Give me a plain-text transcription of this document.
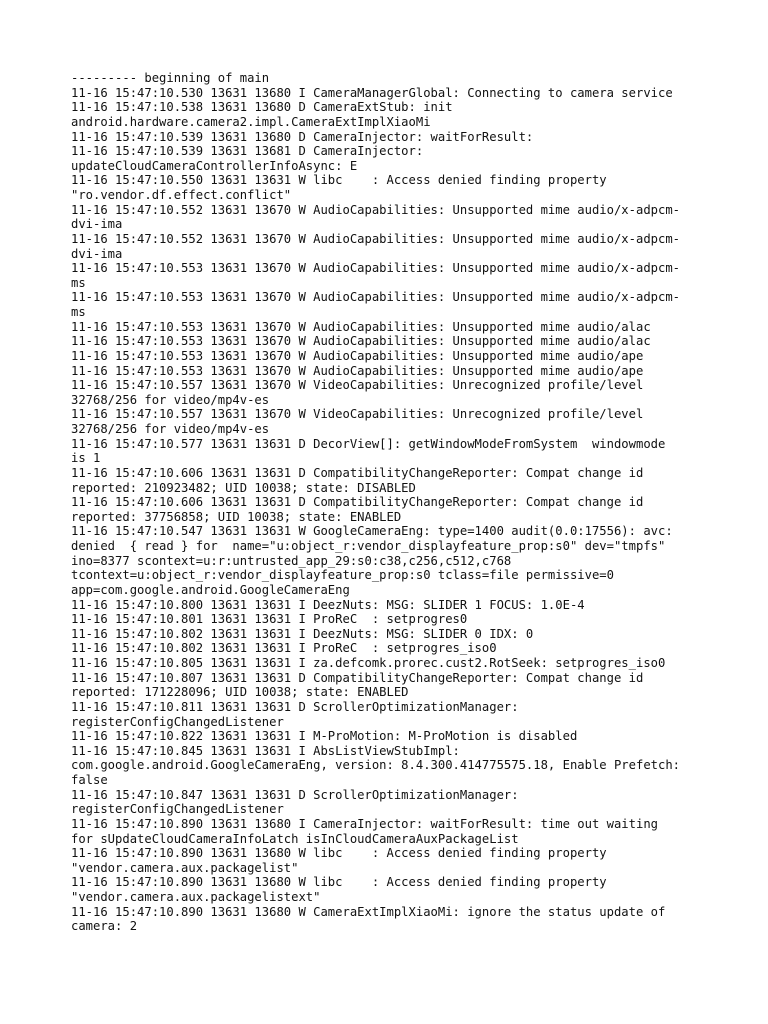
--------- beginning of main

11-16 15:47:10.530 13631 13680 I CameraManagerGlobal: Connecting to camera service

11-16 15:47:10.538 13631 13680 D CameraExtStub: init

android.hardware.camera2.impl.CameraExtImplXiaoMi

11-16 15:47:10.539 13631 13680 D CameraInjector: waitForResult:

11-16 15:47:10.539 13631 13681 D CameraInjector:

updateCloudCameraControllerInfoAsync: E

11-16 15:47:10.550 13631 13631 W libc    : Access denied finding property

"ro.vendor.df.effect.conflict"

11-16 15:47:10.552 13631 13670 W AudioCapabilities: Unsupported mime audio/x-adpcm-

dvi-ima

11-16 15:47:10.552 13631 13670 W AudioCapabilities: Unsupported mime audio/x-adpcm-

dvi-ima

11-16 15:47:10.553 13631 13670 W AudioCapabilities: Unsupported mime audio/x-adpcm-

ms

11-16 15:47:10.553 13631 13670 W AudioCapabilities: Unsupported mime audio/x-adpcm-

ms

11-16 15:47:10.553 13631 13670 W AudioCapabilities: Unsupported mime audio/alac

11-16 15:47:10.553 13631 13670 W AudioCapabilities: Unsupported mime audio/alac

11-16 15:47:10.553 13631 13670 W AudioCapabilities: Unsupported mime audio/ape

11-16 15:47:10.553 13631 13670 W AudioCapabilities: Unsupported mime audio/ape

11-16 15:47:10.557 13631 13670 W VideoCapabilities: Unrecognized profile/level

32768/256 for video/mp4v-es

11-16 15:47:10.557 13631 13670 W VideoCapabilities: Unrecognized profile/level

32768/256 for video/mp4v-es

11-16 15:47:10.577 13631 13631 D DecorView[]: getWindowModeFromSystem  windowmode

is 1

11-16 15:47:10.606 13631 13631 D CompatibilityChangeReporter: Compat change id

reported: 210923482; UID 10038; state: DISABLED

11-16 15:47:10.606 13631 13631 D CompatibilityChangeReporter: Compat change id

reported: 37756858; UID 10038; state: ENABLED

11-16 15:47:10.547 13631 13631 W GoogleCameraEng: type=1400 audit(0.0:17556): avc:

denied  { read } for  name="u:object_r:vendor_displayfeature_prop:s0" dev="tmpfs"

ino=8377 scontext=u:r:untrusted_app_29:s0:c38,c256,c512,c768

tcontext=u:object_r:vendor_displayfeature_prop:s0 tclass=file permissive=0

app=com.google.android.GoogleCameraEng

11-16 15:47:10.800 13631 13631 I DeezNuts: MSG: SLIDER 1 FOCUS: 1.0E-4

11-16 15:47:10.801 13631 13631 I ProReC  : setprogres0

11-16 15:47:10.802 13631 13631 I DeezNuts: MSG: SLIDER 0 IDX: 0

11-16 15:47:10.802 13631 13631 I ProReC  : setprogres_iso0

11-16 15:47:10.805 13631 13631 I za.defcomk.prorec.cust2.RotSeek: setprogres_iso0

11-16 15:47:10.807 13631 13631 D CompatibilityChangeReporter: Compat change id

reported: 171228096; UID 10038; state: ENABLED

11-16 15:47:10.811 13631 13631 D ScrollerOptimizationManager:

registerConfigChangedListener

11-16 15:47:10.822 13631 13631 I M-ProMotion: M-ProMotion is disabled

11-16 15:47:10.845 13631 13631 I AbsListViewStubImpl:

com.google.android.GoogleCameraEng, version: 8.4.300.414775575.18, Enable Prefetch:

false

11-16 15:47:10.847 13631 13631 D ScrollerOptimizationManager:

registerConfigChangedListener

11-16 15:47:10.890 13631 13680 I CameraInjector: waitForResult: time out waiting

for sUpdateCloudCameraInfoLatch isInCloudCameraAuxPackageList

11-16 15:47:10.890 13631 13680 W libc    : Access denied finding property

"vendor.camera.aux.packagelist"

11-16 15:47:10.890 13631 13680 W libc    : Access denied finding property

"vendor.camera.aux.packagelistext"

11-16 15:47:10.890 13631 13680 W CameraExtImplXiaoMi: ignore the status update of

camera: 2
